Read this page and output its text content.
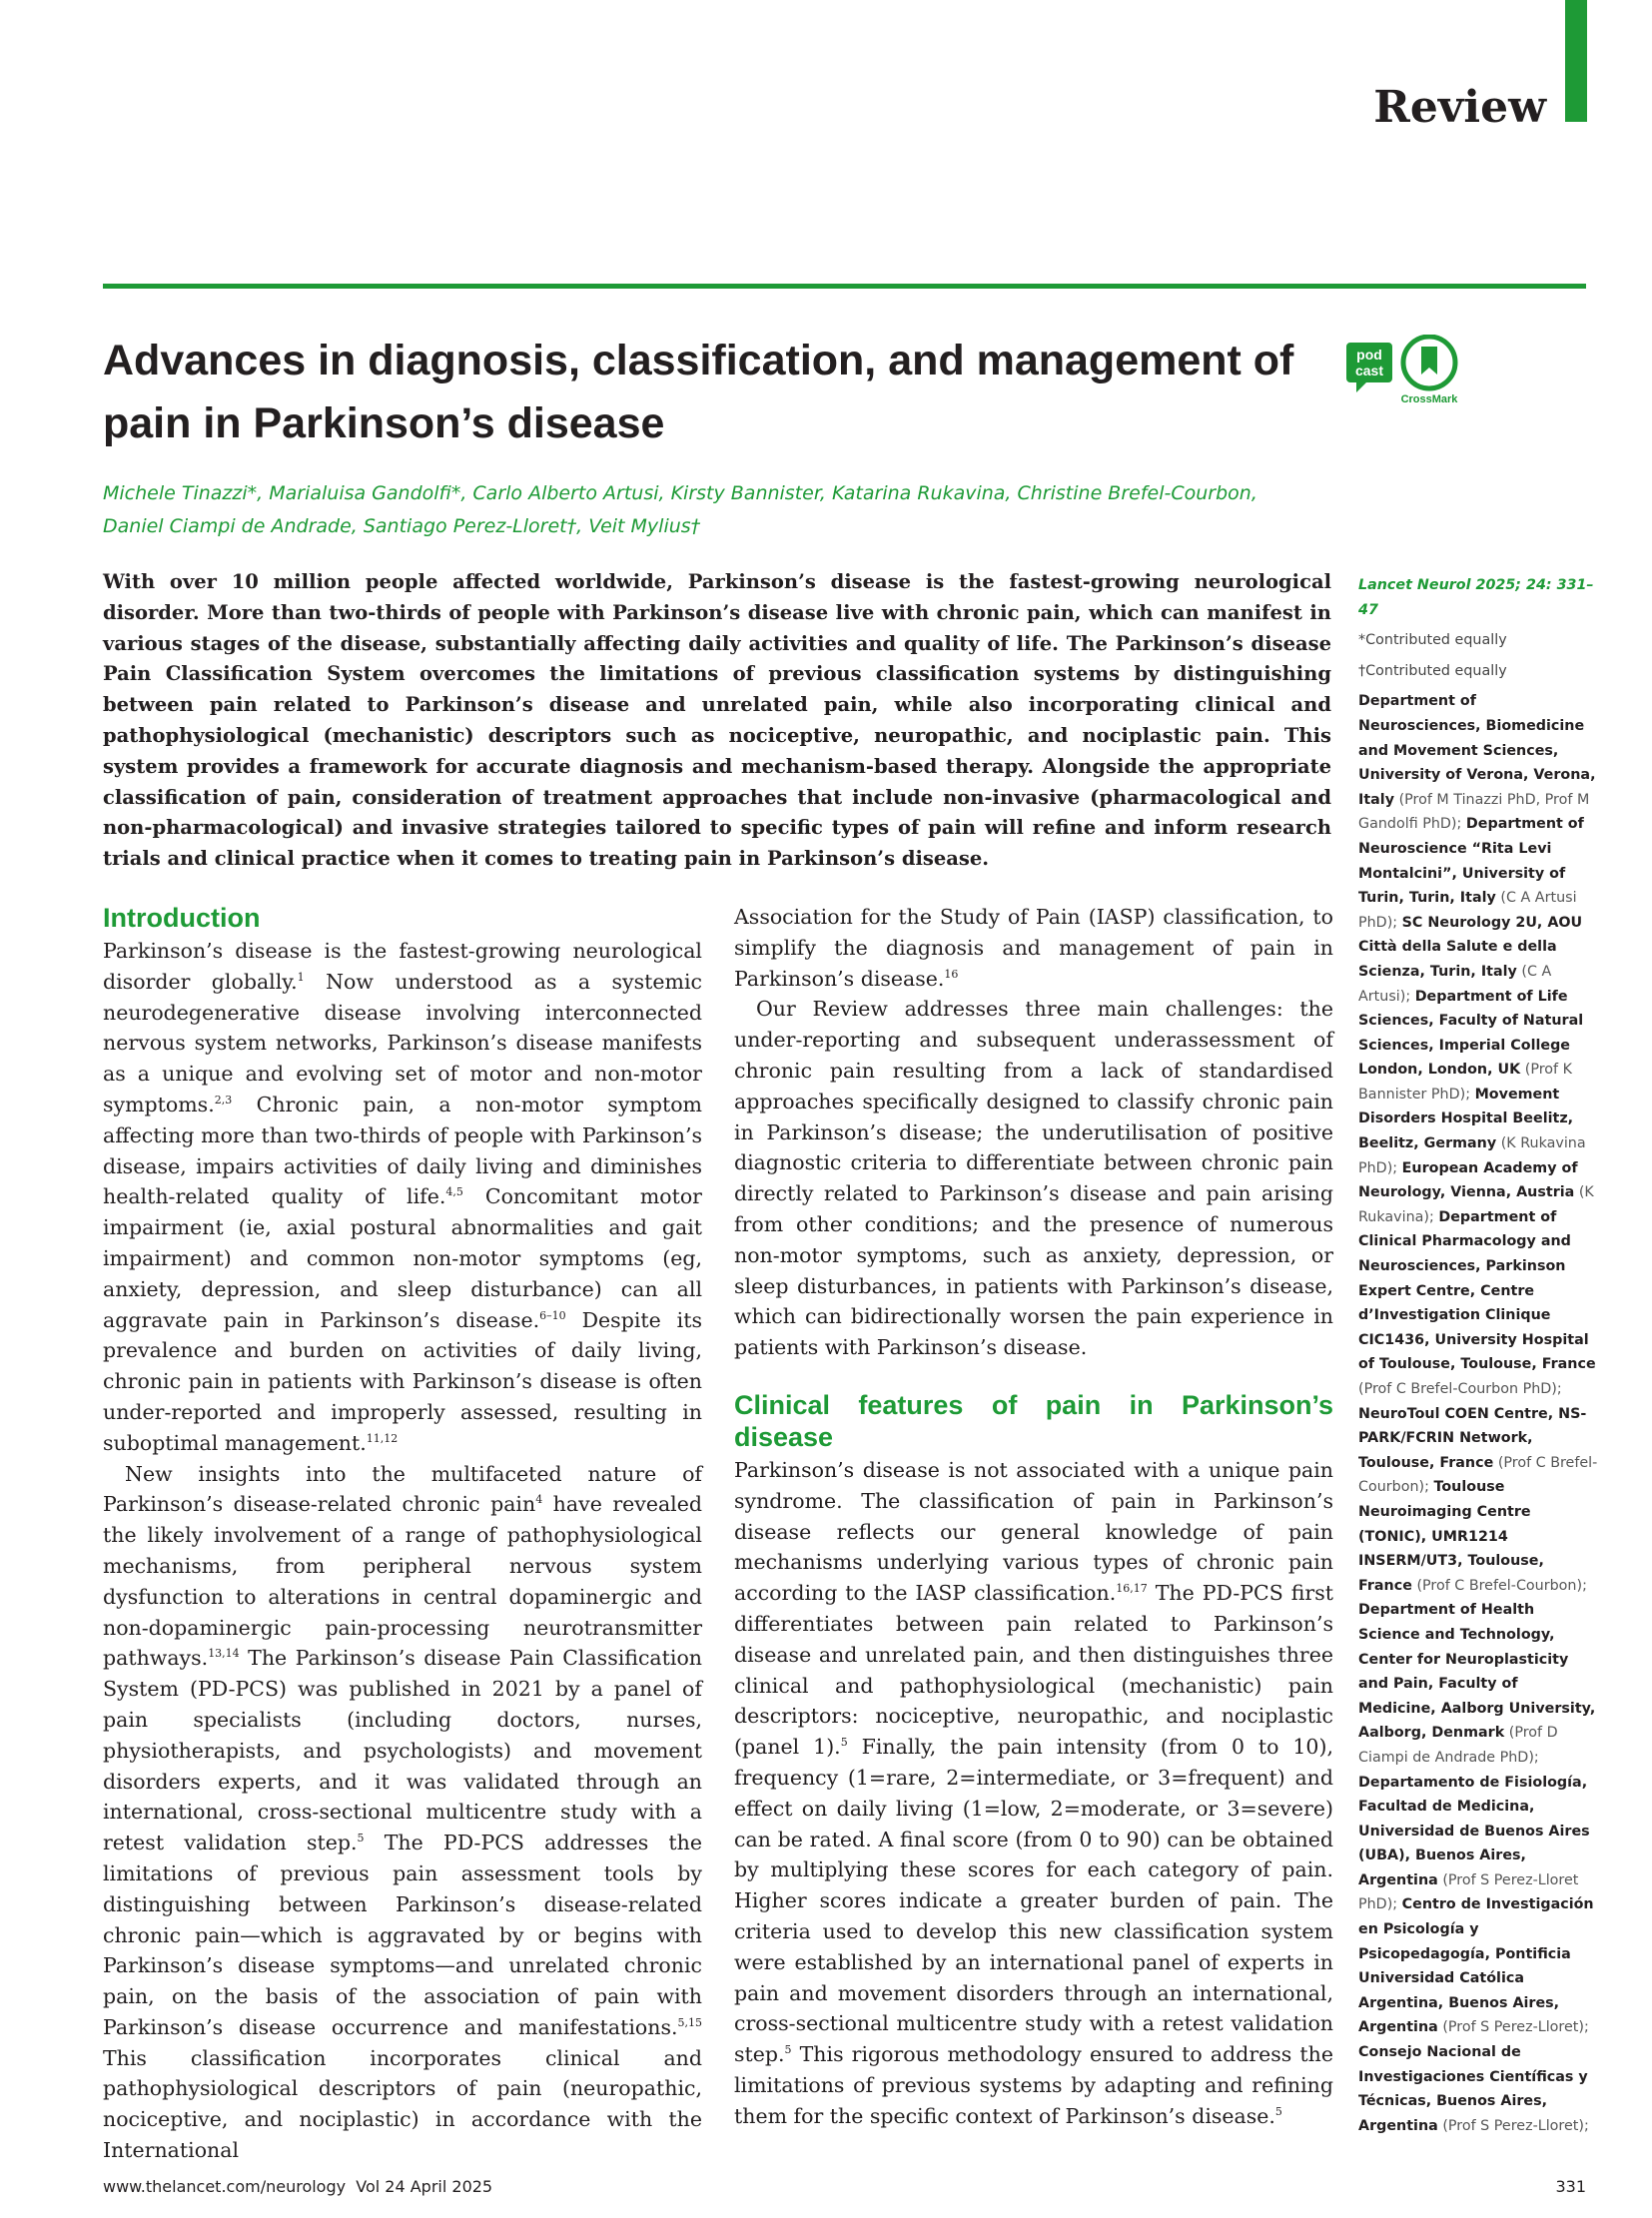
Review
Advances in diagnosis, classification, and management of pain in Parkinson’s disease
pod
cast
CrossMark
Michele Tinazzi*, Marialuisa Gandolfi*, Carlo Alberto Artusi, Kirsty Bannister, Katarina Rukavina, Christine Brefel-Courbon,
Daniel Ciampi de Andrade, Santiago Perez-Lloret†, Veit Mylius†

With over 10 million people affected worldwide, Parkinson’s disease is the fastest-growing neurological disorder. More than two-thirds of people with Parkinson’s disease live with chronic pain, which can manifest in various stages of the disease, substantially affecting daily activities and quality of life. The Parkinson’s disease Pain Classification System overcomes the limitations of previous classification systems by distinguishing between pain related to Parkinson’s disease and unrelated pain, while also incorporating clinical and pathophysiological (mechanistic) descriptors such as nociceptive, neuropathic, and nociplastic pain. This system provides a framework for accurate diagnosis and mechanism-based therapy. Alongside the appropriate classification of pain, consideration of treatment approaches that include non-invasive (pharmacological and non-pharmacological) and invasive strategies tailored to specific types of pain will refine and inform research trials and clinical practice when it comes to treating pain in Parkinson’s disease.

Introduction

Parkinson’s disease is the fastest-growing neurological disorder globally.$^1$ Now understood as a systemic neurodegenerative disease involving interconnected nervous system networks, Parkinson’s disease manifests as a unique and evolving set of motor and non-motor symptoms.$^{2,3}$ Chronic pain, a non-motor symptom affecting more than two-thirds of people with Parkinson’s disease, impairs activities of daily living and diminishes health-related quality of life.$^{4,5}$ Concomitant motor impairment (ie, axial postural abnormalities and gait impairment) and common non-motor symptoms (eg, anxiety, depression, and sleep disturbance) can all aggravate pain in Parkinson’s disease.$^{6-10}$ Despite its prevalence and burden on activities of daily living, chronic pain in patients with Parkinson’s disease is often under-reported and improperly assessed, resulting in suboptimal management.$^{11,12}$

New insights into the multifaceted nature of Parkinson’s disease-related chronic pain$^4$ have revealed the likely involvement of a range of pathophysiological mechanisms, from peripheral nervous system dysfunction to alterations in central dopaminergic and non-dopaminergic pain-processing neurotransmitter pathways.$^{13,14}$ The Parkinson’s disease Pain Classification System (PD-PCS) was published in 2021 by a panel of pain specialists (including doctors, nurses, physiotherapists, and psychologists) and movement disorders experts, and it was validated through an international, cross-sectional multicentre study with a retest validation step.$^5$ The PD-PCS addresses the limitations of previous pain assessment tools by distinguishing between Parkinson’s disease-related chronic pain—which is aggravated by or begins with Parkinson’s disease symptoms—and unrelated chronic pain, on the basis of the association of pain with Parkinson’s disease occurrence and manifestations.$^{5,15}$ This classification incorporates clinical and pathophysiological descriptors of pain (neuropathic, nociceptive, and nociplastic) in accordance with the International

Association for the Study of Pain (IASP) classification, to simplify the diagnosis and management of pain in Parkinson’s disease.$^{16}$

Our Review addresses three main challenges: the under-reporting and subsequent underassessment of chronic pain resulting from a lack of standardised approaches specifically designed to classify chronic pain in Parkinson’s disease; the underutilisation of positive diagnostic criteria to differentiate between chronic pain directly related to Parkinson’s disease and pain arising from other conditions; and the presence of numerous non-motor symptoms, such as anxiety, depression, or sleep disturbances, in patients with Parkinson’s disease, which can bidirectionally worsen the pain experience in patients with Parkinson’s disease.

Clinical features of pain in Parkinson’s disease

Parkinson’s disease is not associated with a unique pain syndrome. The classification of pain in Parkinson’s disease reflects our general knowledge of pain mechanisms underlying various types of chronic pain according to the IASP classification.$^{16,17}$ The PD-PCS first differentiates between pain related to Parkinson’s disease and unrelated pain, and then distinguishes three clinical and pathophysiological (mechanistic) pain descriptors: nociceptive, neuropathic, and nociplastic (panel 1).$^5$ Finally, the pain intensity (from 0 to 10), frequency (1=rare, 2=intermediate, or 3=frequent) and effect on daily living (1=low, 2=moderate, or 3=severe) can be rated. A final score (from 0 to 90) can be obtained by multiplying these scores for each category of pain. Higher scores indicate a greater burden of pain. The criteria used to develop this new classification system were established by an international panel of experts in pain and movement disorders through an international, cross-sectional multicentre study with a retest validation step.$^5$ This rigorous methodology ensured to address the limitations of previous systems by adapting and refining them for the specific context of Parkinson’s disease.$^5$

Lancet Neurol 2025; 24: 331–47
*Contributed equally
†Contributed equally
Department of Neurosciences, Biomedicine and Movement Sciences, University of Verona, Verona, Italy (Prof M Tinazzi PhD, Prof M Gandolfi PhD); Department of Neuroscience “Rita Levi Montalcini”, University of Turin, Turin, Italy (C A Artusi PhD); SC Neurology 2U, AOU Città della Salute e della Scienza, Turin, Italy (C A Artusi); Department of Life Sciences, Faculty of Natural Sciences, Imperial College London, London, UK (Prof K Bannister PhD); Movement Disorders Hospital Beelitz, Beelitz, Germany (K Rukavina PhD); European Academy of Neurology, Vienna, Austria (K Rukavina); Department of Clinical Pharmacology and Neurosciences, Parkinson Expert Centre, Centre d’Investigation Clinique CIC1436, University Hospital of Toulouse, Toulouse, France (Prof C Brefel-Courbon PhD); NeuroToul COEN Centre, NS-PARK/FCRIN Network, Toulouse, France (Prof C Brefel-Courbon); Toulouse Neuroimaging Centre (TONIC), UMR1214 INSERM/UT3, Toulouse, France (Prof C Brefel-Courbon); Department of Health Science and Technology, Center for Neuroplasticity and Pain, Faculty of Medicine, Aalborg University, Aalborg, Denmark (Prof D Ciampi de Andrade PhD); Departamento de Fisiología, Facultad de Medicina, Universidad de Buenos Aires (UBA), Buenos Aires, Argentina (Prof S Perez-Lloret PhD); Centro de Investigación en Psicología y Psicopedagogía, Pontificia Universidad Católica Argentina, Buenos Aires, Argentina (Prof S Perez-Lloret); Consejo Nacional de Investigaciones Científicas y Técnicas, Buenos Aires, Argentina (Prof S Perez-Lloret);
www.thelancet.com/neurology Vol 24 April 2025	331
